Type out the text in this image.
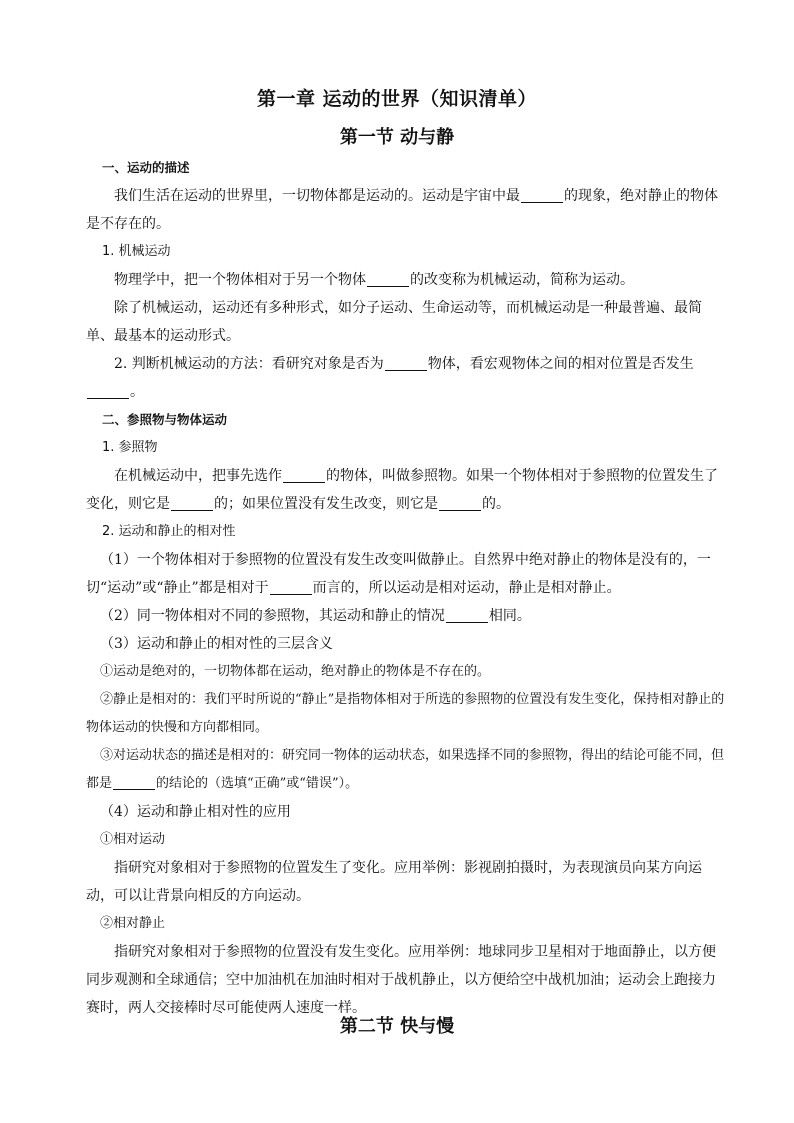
第一章 运动的世界（知识清单）
第一节 动与静

一、运动的描述

我们生活在运动的世界里，一切物体都是运动的。运动是宇宙中最	的现象，绝对静止的物体是不存在的。

1. 机械运动

物理学中，把一个物体相对于另一个物体	的改变称为机械运动，简称为运动。

除了机械运动，运动还有多种形式，如分子运动、生命运动等，而机械运动是一种最普遍、最简单、最基本的运动形式。

2. 判断机械运动的方法：看研究对象是否为	物体，看宏观物体之间的相对位置是否发生。

二、参照物与物体运动

1. 参照物

在机械运动中，把事先选作	的物体，叫做参照物。如果一个物体相对于参照物的位置发生了变化，则它是	的；如果位置没有发生改变，则它是	的。

2. 运动和静止的相对性

（1）一个物体相对于参照物的位置没有发生改变叫做静止。自然界中绝对静止的物体是没有的，一切“运动”或“静止”都是相对于	而言的，所以运动是相对运动，静止是相对静止。

（2）同一物体相对不同的参照物，其运动和静止的情况	相同。

（3）运动和静止的相对性的三层含义

①运动是绝对的，一切物体都在运动，绝对静止的物体是不存在的。

②静止是相对的：我们平时所说的“静止”是指物体相对于所选的参照物的位置没有发生变化，保持相对静止的物体运动的快慢和方向都相同。

③对运动状态的描述是相对的：研究同一物体的运动状态，如果选择不同的参照物，得出的结论可能不同，但都是	的结论的（选填“正确”或“错误”）。

（4）运动和静止相对性的应用

①相对运动

指研究对象相对于参照物的位置发生了变化。应用举例：影视剧拍摄时，为表现演员向某方向运动，可以让背景向相反的方向运动。

②相对静止

指研究对象相对于参照物的位置没有发生变化。应用举例：地球同步卫星相对于地面静止，以方便同步观测和全球通信；空中加油机在加油时相对于战机静止，以方便给空中战机加油；运动会上跑接力赛时，两人交接棒时尽可能使两人速度一样。

第二节 快与慢
